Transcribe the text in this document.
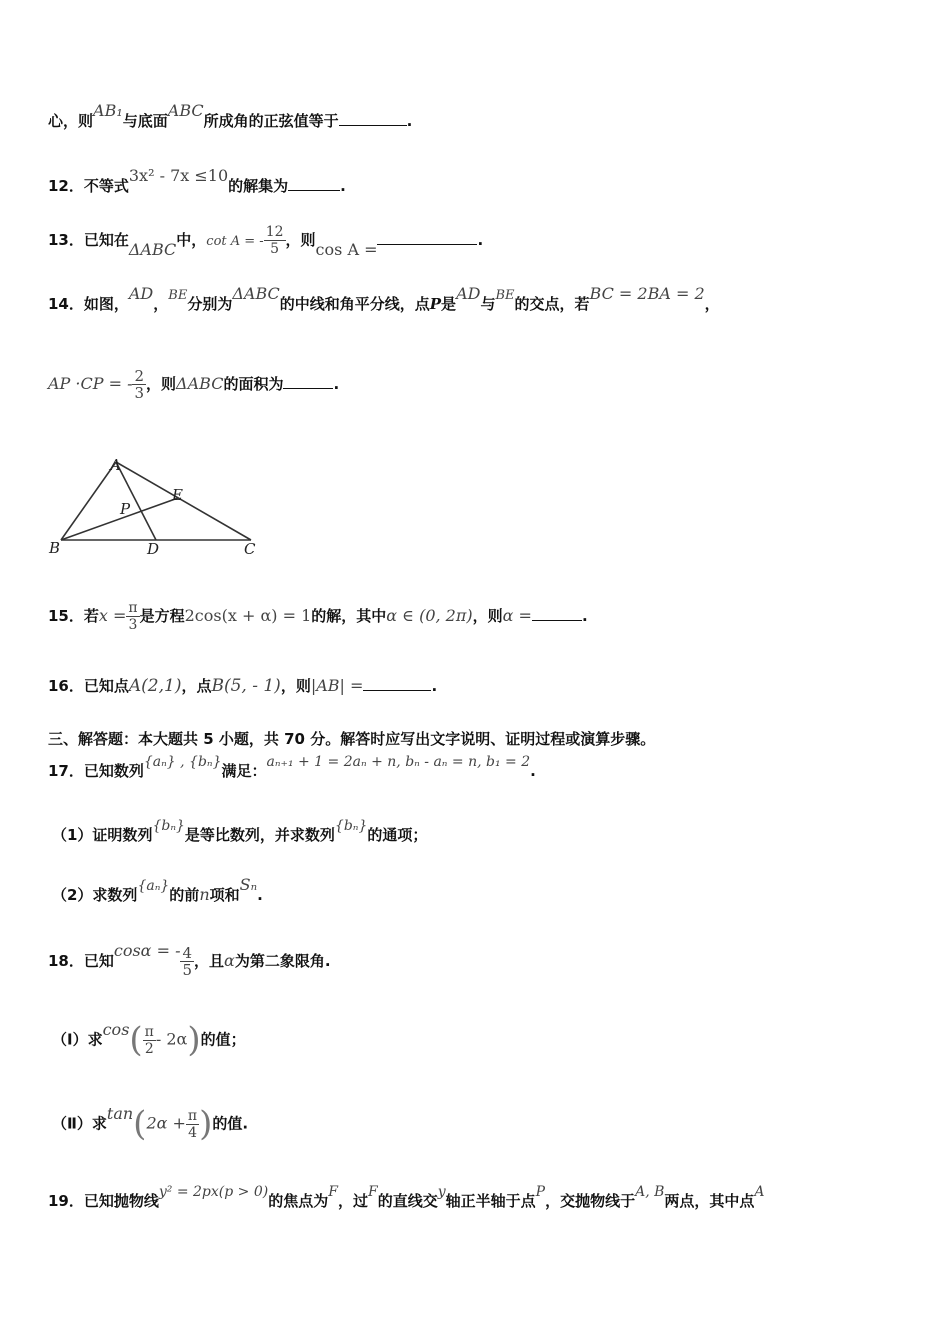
心，则AB₁与底面ABC所成角的正弦值等于	.
12．不等式3x² - 7x ≤10的解集为	.
13．已知在ΔABC中，cot A = - $\frac{12}{5}$ ，则cos A =	.
14．如图，AD，BE分别为ΔABC的中线和角平分线，点P是AD与BE的交点，若BC = 2BA = 2，
AP ·CP = - $\frac{2}{3}$ ，则ΔABC的面积为	.
A
B	C
D
E
P
15．若$x = \frac{\pi}{3}$ 是方程2cos(x + α) = 1的解，其中α ∈ (0, 2π)，则α =	.
16．已知点A(2,1)，点B(5, - 1)，则|AB| =	.
三、解答题：本大题共 5 小题，共 70 分。解答时应写出文字说明、证明过程或演算步骤。
17．已知数列{aₙ} , {bₙ}满足：aₙ₊₁ + 1 = 2aₙ + n, bₙ - aₙ = n, b₁ = 2.
（1）证明数列{bₙ}是等比数列，并求数列{bₙ}的通项；
（2）求数列{aₙ}的前n项和Sₙ.
18．已知cosα = - $\frac{4}{5}$ ，且α为第二象限角.
（Ⅰ）求$\cos( \frac{\pi}{2} - 2\alpha)$的值；
（Ⅱ）求$\tan(2\alpha + \frac{\pi}{4}$ )的值.
19．已知抛物线y² = 2px(p > 0)的焦点为F，过F的直线交y轴正半轴于点P，交抛物线于A, B两点，其中点A
